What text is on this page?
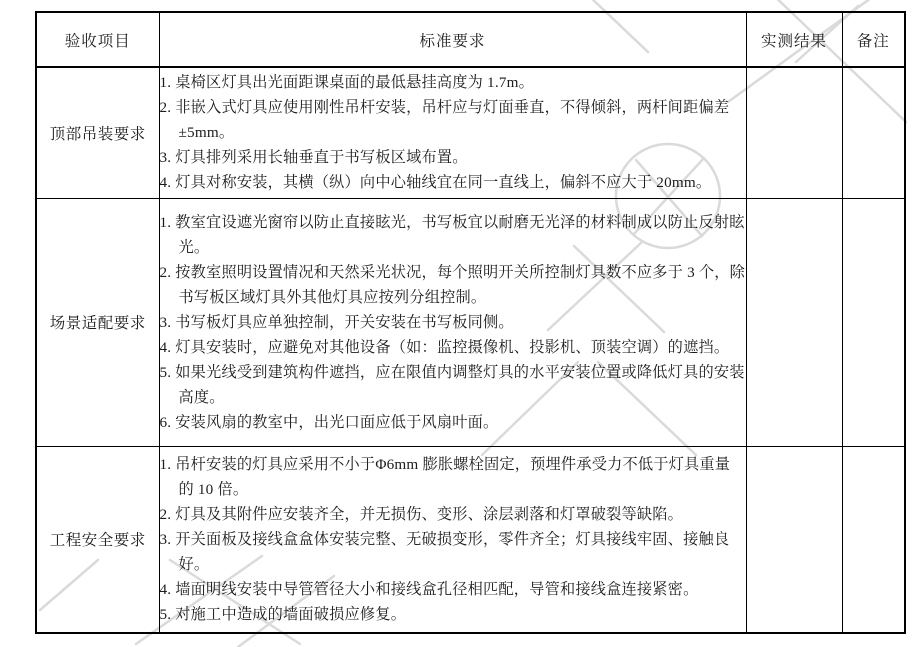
验收项目	标准要求	实测结果	备注
顶部吊装要求	1. 桌椅区灯具出光面距课桌面的最低悬挂高度为 1.7m。
2. 非嵌入式灯具应使用刚性吊杆安装，吊杆应与灯面垂直，不得倾斜，两杆间距偏差±5mm。
3. 灯具排列采用长轴垂直于书写板区域布置。
4. 灯具对称安装，其横（纵）向中心轴线宜在同一直线上，偏斜不应大于 20mm。		

场景适配要求	
1. 教室宜设遮光窗帘以防止直接眩光，书写板宜以耐磨无光泽的材料制成以防止反射眩光。
2. 按教室照明设置情况和天然采光状况，每个照明开关所控制灯具数不应多于 3 个，除书写板区域灯具外其他灯具应按列分组控制。
3. 书写板灯具应单独控制，开关安装在书写板同侧。
4. 灯具安装时，应避免对其他设备（如：监控摄像机、投影机、顶装空调）的遮挡。
5. 如果光线受到建筑构件遮挡，应在限值内调整灯具的水平安装位置或降低灯具的安装高度。
6. 安装风扇的教室中，出光口面应低于风扇叶面。

工程安全要求	1. 吊杆安装的灯具应采用不小于Φ6mm 膨胀螺栓固定，预埋件承受力不低于灯具重量的 10 倍。
2. 灯具及其附件应安装齐全，并无损伤、变形、涂层剥落和灯罩破裂等缺陷。
3. 开关面板及接线盒盒体安装完整、无破损变形，零件齐全；灯具接线牢固、接触良好。
4. 墙面明线安装中导管管径大小和接线盒孔径相匹配，导管和接线盒连接紧密。
5. 对施工中造成的墙面破损应修复。		
